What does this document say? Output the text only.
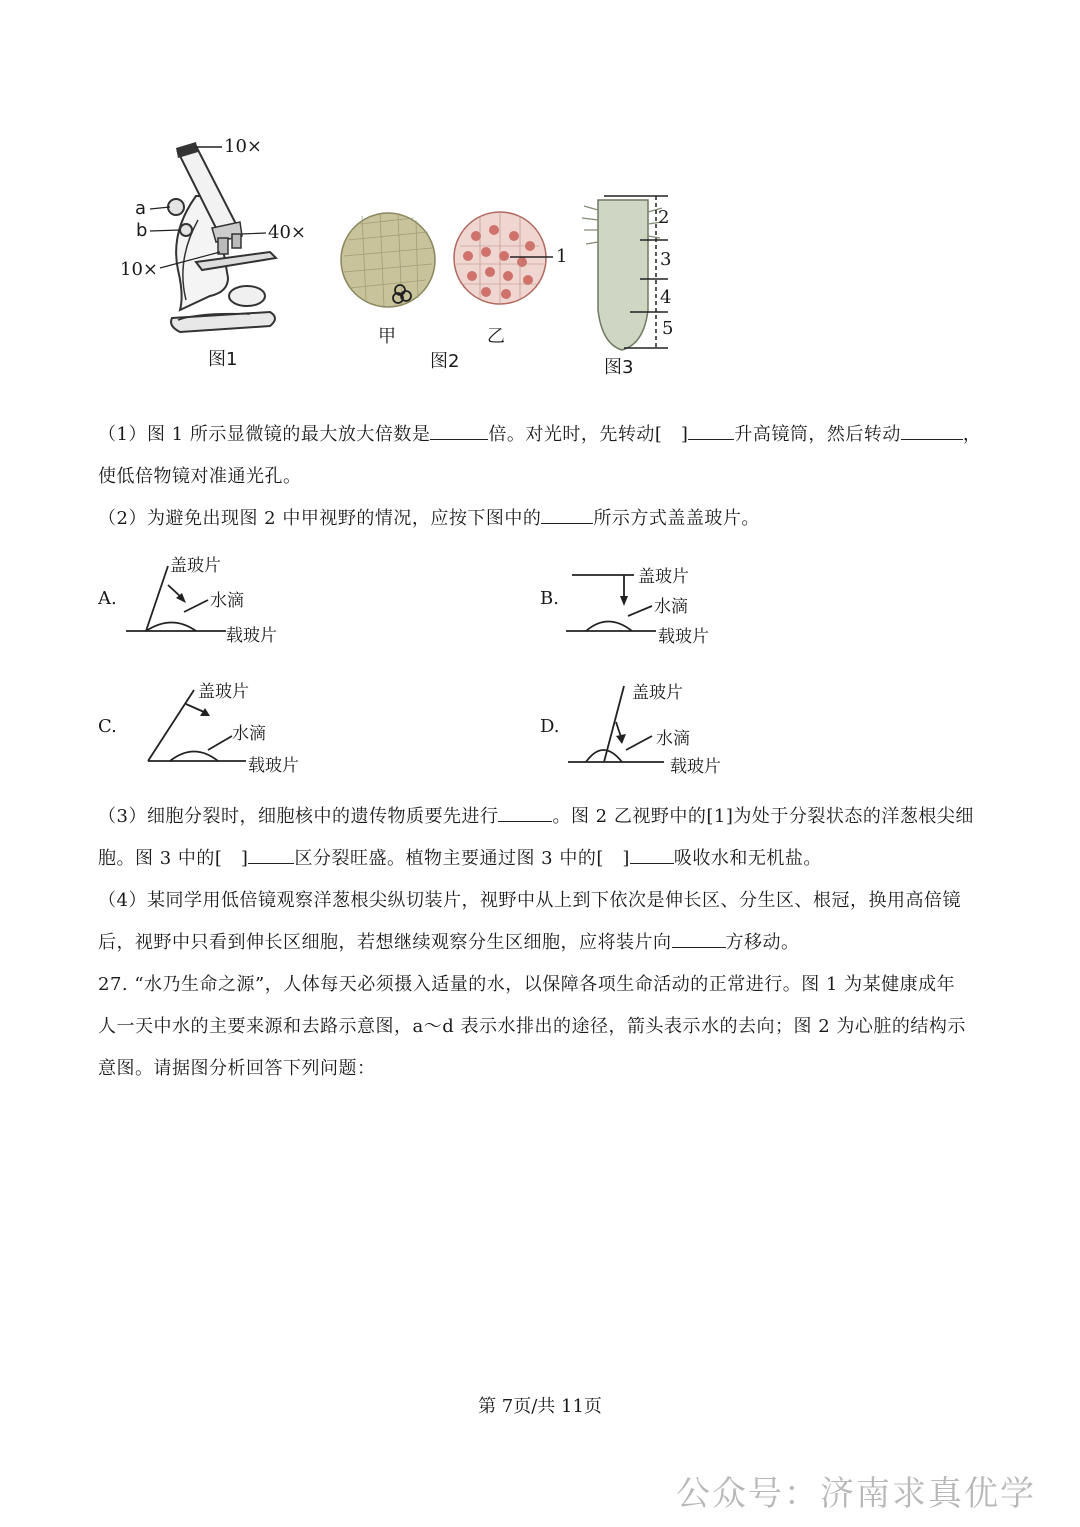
10×
a
b	40×
10×
图1
1
甲	乙
图2
2
3
4
5
图3
（1）图 1 所示显微镜的最大放大倍数是	倍。对光时，先转动[　]	升高镜筒，然后转动	，
使低倍物镜对准通光孔。
（2）为避免出现图 2 中甲视野的情况，应按下图中的	所示方式盖盖玻片。
A.
盖玻片
水滴
载玻片
B.
盖玻片
水滴
载玻片
C.
盖玻片
水滴
载玻片
D.
盖玻片
水滴
载玻片
（3）细胞分裂时，细胞核中的遗传物质要先进行	。图 2 乙视野中的[1]为处于分裂状态的洋葱根尖细
胞。图 3 中的[　]	区分裂旺盛。植物主要通过图 3 中的[　] 吸收水和无机盐。
（4）某同学用低倍镜观察洋葱根尖纵切装片，视野中从上到下依次是伸长区、分生区、根冠，换用高倍镜
后，视野中只看到伸长区细胞，若想继续观察分生区细胞，应将装片向	方移动。
27. “水乃生命之源”，人体每天必须摄入适量的水，以保障各项生命活动的正常进行。图 1 为某健康成年
人一天中水的主要来源和去路示意图，a～d 表示水排出的途径，箭头表示水的去向；图 2 为心脏的结构示
意图。请据图分析回答下列问题：
第 7页/共 11页
公众号：济南求真优学
